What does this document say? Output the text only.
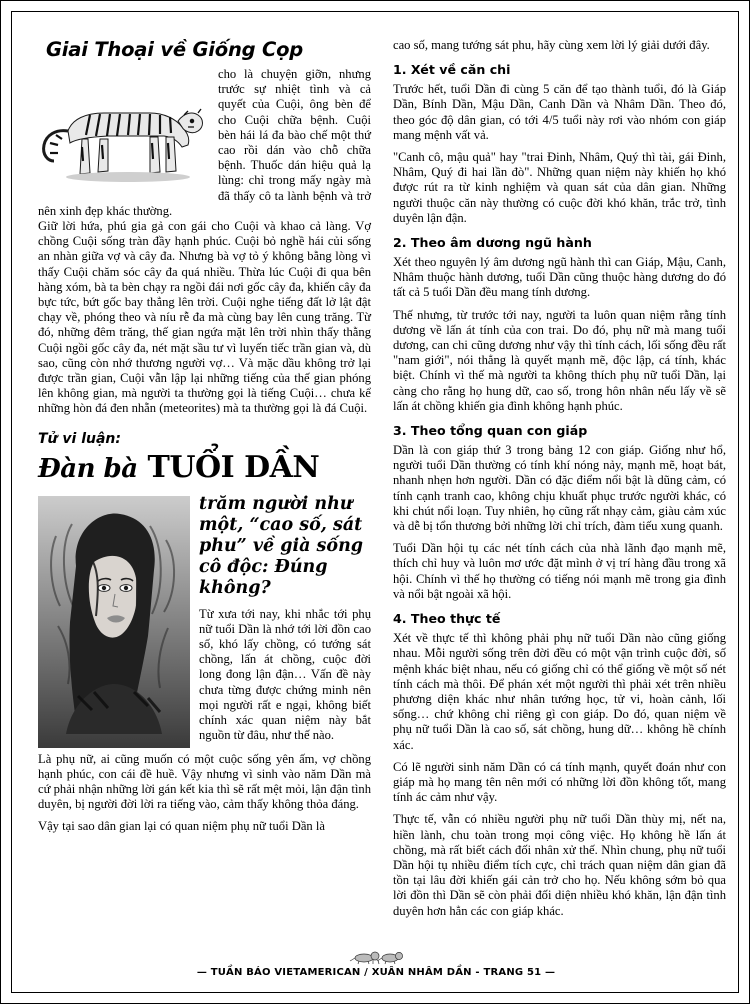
Giai Thoại về Giống Cọp
cho là chuyện giỡn, nhưng trước sự nhiệt tình và cả quyết của Cuội, ông bèn để cho Cuội chữa bệnh. Cuội bèn hái lá đa bào chế một thứ cao rồi dán vào chỗ chữa bệnh. Thuốc dán hiệu quả lạ lùng: chỉ trong mấy ngày mà đã thấy cô ta lành bệnh và trở nên xinh đẹp khác thường.

Giữ lời hứa, phú gia gả con gái cho Cuội và khao cả làng. Vợ chồng Cuội sống tràn đầy hạnh phúc. Cuội bỏ nghề hái củi sống an nhàn giữa vợ và cây đa. Nhưng bà vợ tỏ ý không bằng lòng vì thấy Cuội chăm sóc cây đa quá nhiều. Thừa lúc Cuội đi qua bên hàng xóm, bà ta bèn chạy ra ngồi đái nơi gốc cây đa, khiến cây đa bực tức, bứt gốc bay thẳng lên trời. Cuội nghe tiếng đất lở lật đật chạy về, phóng theo và níu rễ đa mà cùng bay lên cung trăng. Từ đó, những đêm trăng, thế gian ngứa mặt lên trời nhìn thấy thằng Cuội ngồi gốc cây đa, nét mặt sầu tư vì luyến tiếc trần gian và, dù sao, cũng còn nhớ thương người vợ… Và mặc dầu không trở lại được trần gian, Cuội vẫn lập lại những tiếng của thế gian phóng lên không gian, mà người ta thường gọi là tiếng Cuội… chưa kể những hòn đá đen nhẵn (meteorites) mà ta thường gọi là đá Cuội.

Tử vi luận:
Đàn bà TUỔI DẦN
trăm người như một, “cao số, sát phu” về già sống cô độc: Đúng không?
Từ xưa tới nay, khi nhắc tới phụ nữ tuổi Dần là nhớ tới lời đồn cao số, khó lấy chồng, có tướng sát chồng, lấn át chồng, cuộc đời long đong lận đận… Vấn đề này chưa từng được chứng minh nên mọi người rất e ngại, không biết chính xác quan niệm này bắt nguồn từ đâu, như thế nào.

Là phụ nữ, ai cũng muốn có một cuộc sống yên ấm, vợ chồng hạnh phúc, con cái đề huề. Vậy nhưng vì sinh vào năm Dần mà cứ phải nhận những lời gán kết kia thì sẽ rất mệt mỏi, lận đận tình duyên, bị người đời lời ra tiếng vào, cảm thấy không thỏa đáng.

Vậy tại sao dân gian lại có quan niệm phụ nữ tuổi Dần là

cao số, mang tướng sát phu, hãy cùng xem lời lý giải dưới đây.

1. Xét về căn chi

Trước hết, tuổi Dần đi cùng 5 căn để tạo thành tuổi, đó là Giáp Dần, Bính Dần, Mậu Dần, Canh Dần và Nhâm Dần. Theo đó, theo góc độ dân gian, có tới 4/5 tuổi này rơi vào nhóm con giáp mang mệnh vất vả.

"Canh cô, mậu quả" hay "trai Đinh, Nhâm, Quý thì tài, gái Đinh, Nhâm, Quý đi hai lần đò". Những quan niệm này khiến họ khó được rút ra từ kinh nghiệm và quan sát của dân gian. Những người thuộc căn này thường có cuộc đời khó khăn, trắc trở, tình duyên lận đận.

2. Theo âm dương ngũ hành

Xét theo nguyên lý âm dương ngũ hành thì can Giáp, Mậu, Canh, Nhâm thuộc hành dương, tuổi Dần cũng thuộc hàng dương do đó tất cả 5 tuổi Dần đều mang tính dương.

Thế nhưng, từ trước tới nay, người ta luôn quan niệm rằng tính dương về lấn át tính của con trai. Do đó, phụ nữ mà mang tuổi dương, can chi cũng dương như vậy thì tính cách, lối sống đều rất "nam giới", nói thẳng là quyết mạnh mẽ, độc lập, cá tính, khác biệt. Chính vì thế mà người ta không thích phụ nữ tuổi Dần, lại càng cho rằng họ hung dữ, cao số, trong hôn nhân nếu lấy về sẽ lấn át chồng khiến gia đình không hạnh phúc.

3. Theo tổng quan con giáp

Dần là con giáp thứ 3 trong bảng 12 con giáp. Giống như hổ, người tuổi Dần thường có tính khí nóng nảy, mạnh mẽ, hoạt bát, nhanh nhẹn hơn người. Dần có đặc điểm nổi bật là dũng cảm, có tính cạnh tranh cao, không chịu khuất phục trước người khác, có khi chút nổi loạn. Tuy nhiên, họ cũng rất nhạy cảm, giàu cảm xúc và dễ bị tổn thương bởi những lời chỉ trích, đàm tiếu xung quanh.

Tuổi Dần hội tụ các nét tính cách của nhà lãnh đạo mạnh mẽ, thích chỉ huy và luôn mơ ước đặt mình ở vị trí hàng đầu trong xã hội. Chính vì thế họ thường có tiếng nói mạnh mẽ trong gia đình và nổi bật ngoài xã hội.

4. Theo thực tế

Xét về thực tế thì không phải phụ nữ tuổi Dần nào cũng giống nhau. Mỗi người sống trên đời đều có một vận trình cuộc đời, số mệnh khác biệt nhau, nếu có giống chỉ có thể giống về một số nét tính cách mà thôi. Để phán xét một người thì phải xét trên nhiều phương diện khác như nhân tướng học, tử vi, hoàn cảnh, lối sống… chứ không chỉ riêng gì con giáp. Do đó, quan niệm về phụ nữ tuổi Dần là cao số, sát chồng, hung dữ… không hề chính xác.

Có lẽ người sinh năm Dần có cá tính mạnh, quyết đoán như con giáp mà họ mang tên nên mới có những lời đồn không tốt, mang tính ác cảm như vậy.

Thực tế, vẫn có nhiều người phụ nữ tuổi Dần thùy mị, nết na, hiền lành, chu toàn trong mọi công việc. Họ không hề lấn át chồng, mà rất biết cách đối nhân xử thế. Nhìn chung, phụ nữ tuổi Dần hội tụ nhiều điểm tích cực, chỉ trách quan niệm dân gian đã tồn tại lâu đời khiến gái cản trở cho họ. Nếu không sớm bỏ qua lời đồn thì Dần sẽ còn phải đối diện nhiều khó khăn, lận đận tình duyên hơn hẳn các con giáp khác.

— TUẦN BÁO VIETAMERICAN / XUÂN NHÂM DẦN - TRANG 51 —
